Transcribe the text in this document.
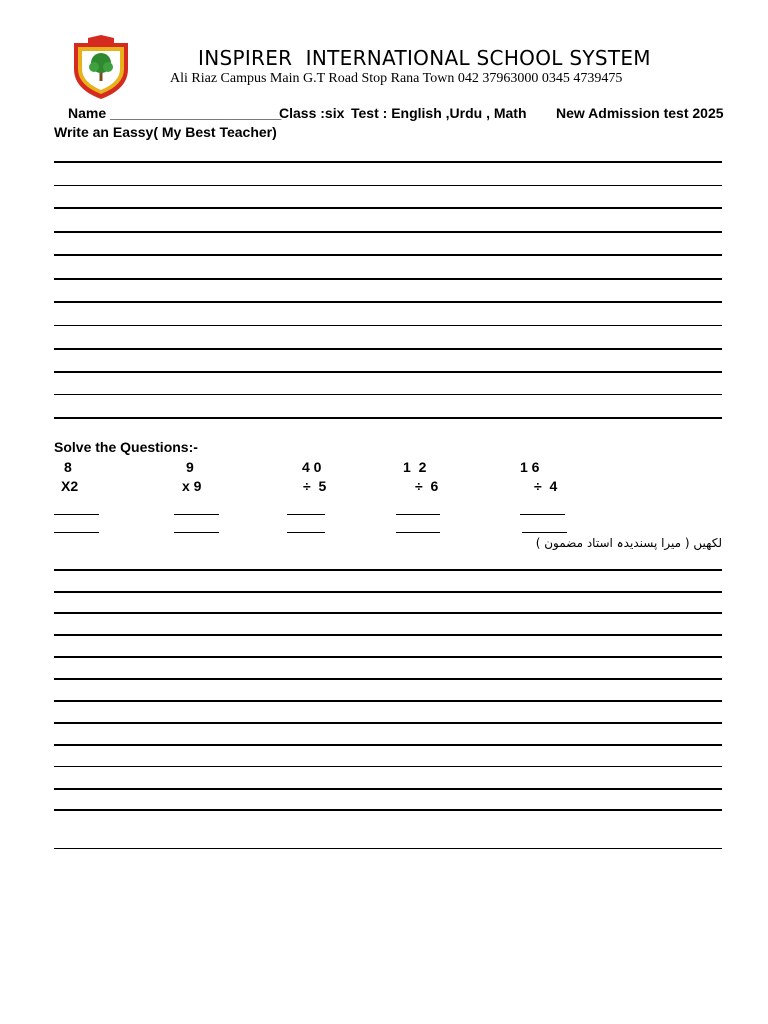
INSPIRER  INTERNATIONAL SCHOOL SYSTEM
Ali Riaz Campus Main G.T Road Stop Rana Town 042 37963000 0345 4739475
Name ______________________
Class :six Test : English ,Urdu , Math New Admission test 2025
Write an Eassy( My Best Teacher)
Solve the Questions:-
8
X2
9
x 9
4 0
÷  5
1  2
÷  6
1 6
÷  4
لکھیں ( میرا پسندیدہ استاد مضمون )
